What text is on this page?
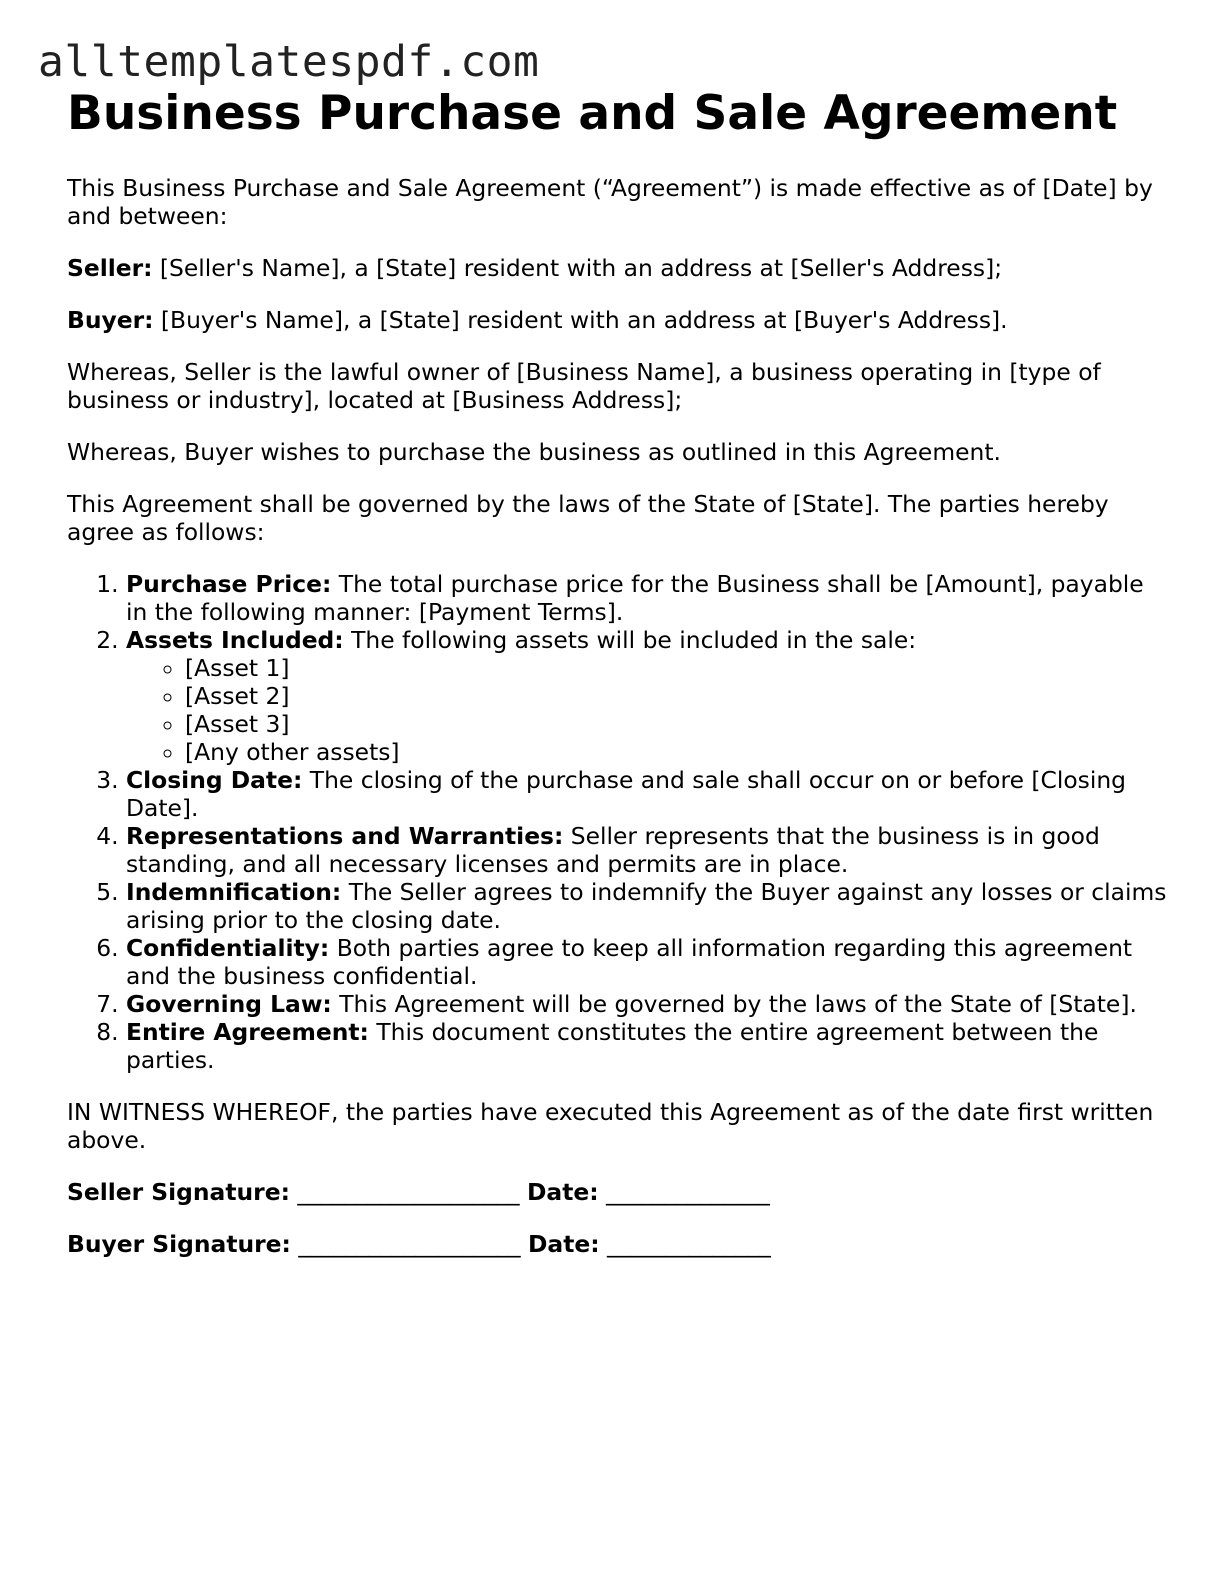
alltemplatespdf.com
Business Purchase and Sale Agreement

This Business Purchase and Sale Agreement (“Agreement”) is made effective as of [Date] by and between:

Seller: [Seller's Name], a [State] resident with an address at [Seller's Address];

Buyer: [Buyer's Name], a [State] resident with an address at [Buyer's Address].

Whereas, Seller is the lawful owner of [Business Name], a business operating in [type of business or industry], located at [Business Address];

Whereas, Buyer wishes to purchase the business as outlined in this Agreement.

This Agreement shall be governed by the laws of the State of [State]. The parties hereby agree as follows:

1. Purchase Price: The total purchase price for the Business shall be [Amount], payable in the following manner: [Payment Terms].
2. Assets Included: The following assets will be included in the sale:
◦ [Asset 1]
◦ [Asset 2]
◦ [Asset 3]
◦ [Any other assets]
3. Closing Date: The closing of the purchase and sale shall occur on or before [Closing Date].
4. Representations and Warranties: Seller represents that the business is in good standing, and all necessary licenses and permits are in place.
5. Indemnification: The Seller agrees to indemnify the Buyer against any losses or claims arising prior to the closing date.
6. Confidentiality: Both parties agree to keep all information regarding this agreement and the business confidential.
7. Governing Law: This Agreement will be governed by the laws of the State of [State].
8. Entire Agreement: This document constitutes the entire agreement between the parties.

IN WITNESS WHEREOF, the parties have executed this Agreement as of the date first written above.

Seller Signature: ___________________ Date: ______________

Buyer Signature: ___________________ Date: ______________
